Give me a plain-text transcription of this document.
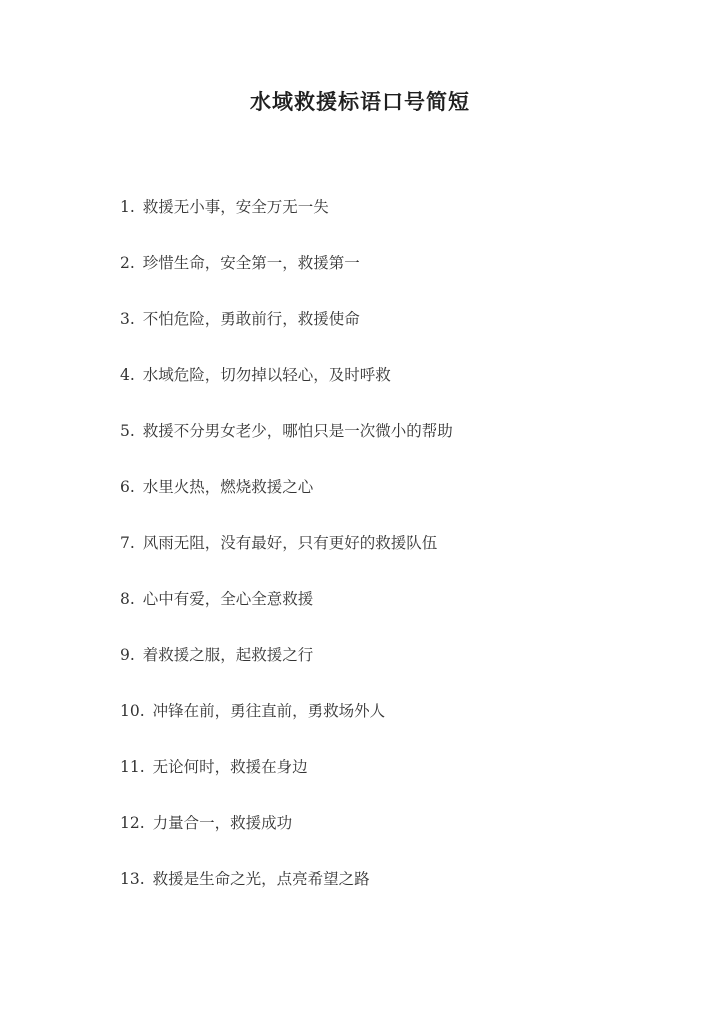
水域救援标语口号简短
1. 救援无小事，安全万无一失
2. 珍惜生命，安全第一，救援第一
3. 不怕危险，勇敢前行，救援使命
4. 水域危险，切勿掉以轻心，及时呼救
5. 救援不分男女老少，哪怕只是一次微小的帮助
6. 水里火热，燃烧救援之心
7. 风雨无阻，没有最好，只有更好的救援队伍
8. 心中有爱，全心全意救援
9. 着救援之服，起救援之行
10. 冲锋在前，勇往直前，勇救场外人
11. 无论何时，救援在身边
12. 力量合一，救援成功
13. 救援是生命之光，点亮希望之路
